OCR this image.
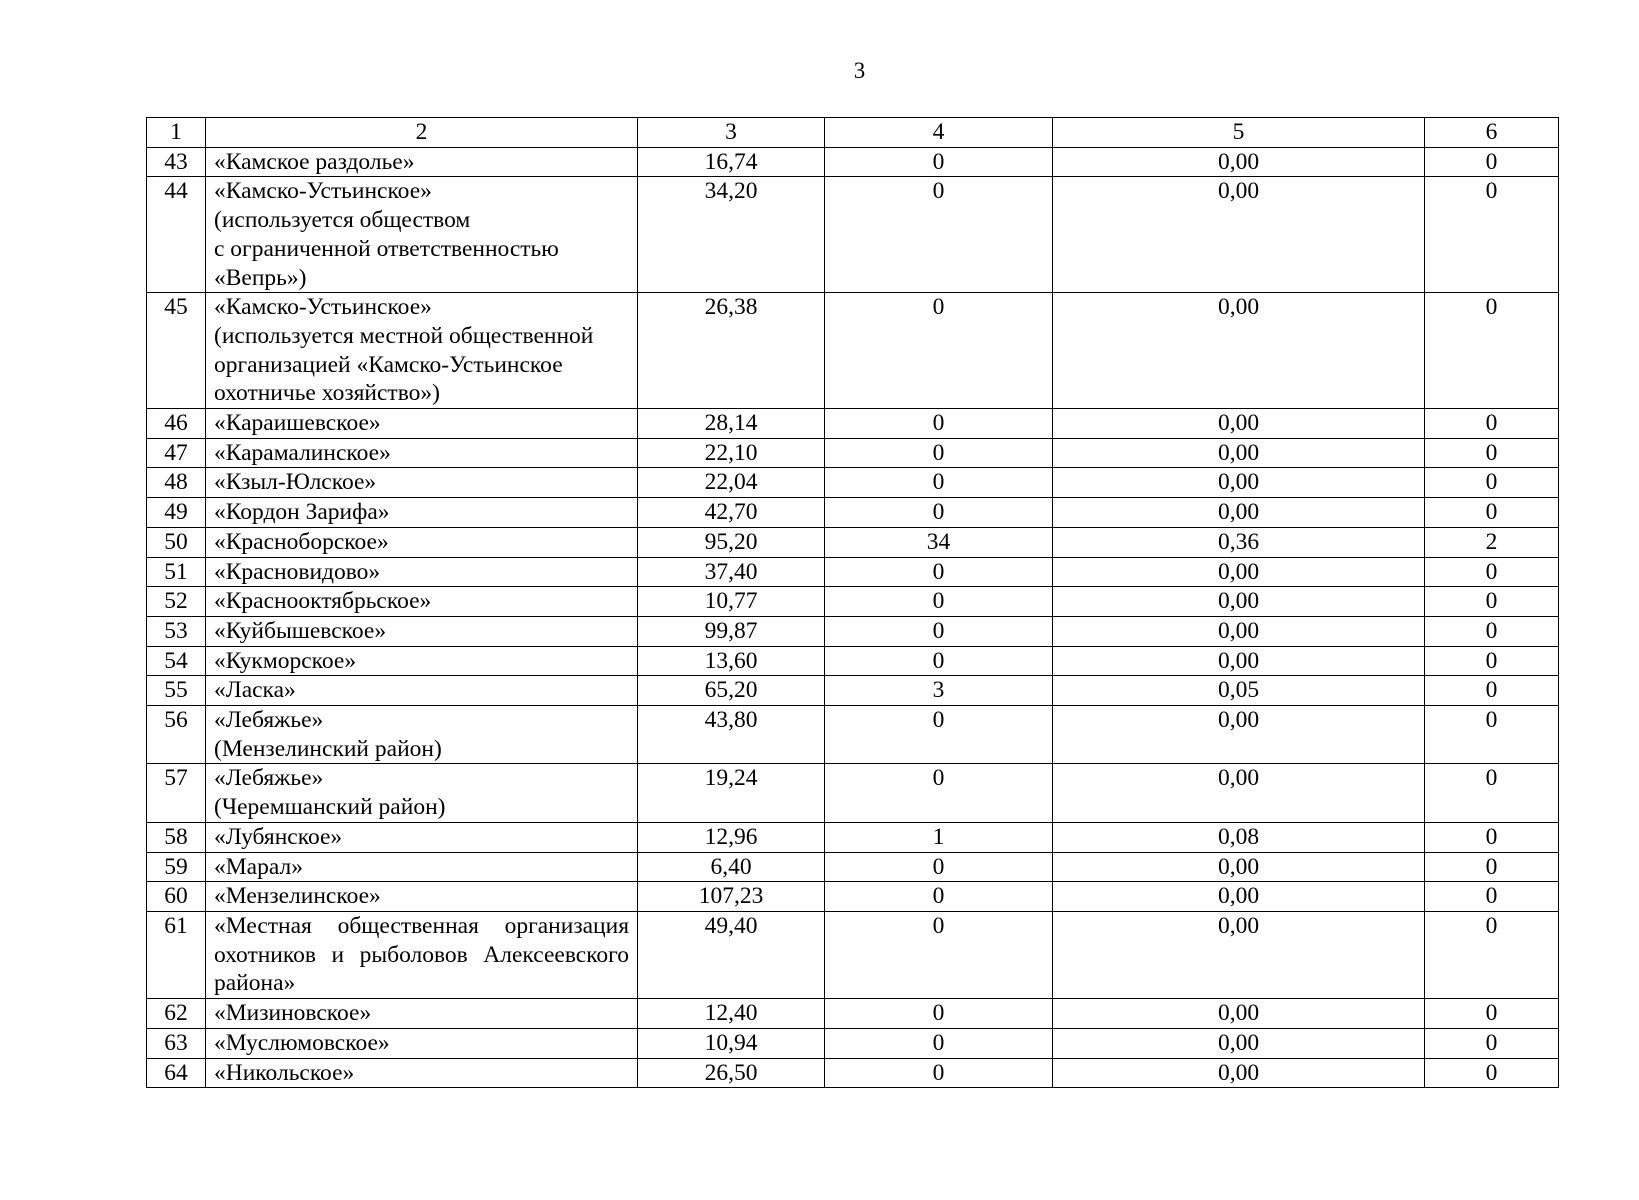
3
1	2	3	4	5	6
43	«Камское раздолье»	16,74	0	0,00	0
44	«Камско-Устьинское»
(используется обществом
с ограниченной ответственностью
«Вепрь»)	34,20	0	0,00	0
45	«Камско-Устьинское»
(используется местной общественной
организацией «Камско-Устьинское
охотничье хозяйство»)	26,38	0	0,00	0
46	«Караишевское»	28,14	0	0,00	0
47	«Карамалинское»	22,10	0	0,00	0
48	«Кзыл-Юлское»	22,04	0	0,00	0
49	«Кордон Зарифа»	42,70	0	0,00	0
50	«Красноборское»	95,20	34	0,36	2
51	«Красновидово»	37,40	0	0,00	0
52	«Краснооктябрьское»	10,77	0	0,00	0
53	«Куйбышевское»	99,87	0	0,00	0
54	«Кукморское»	13,60	0	0,00	0
55	«Ласка»	65,20	3	0,05	0
56	«Лебяжье»
(Мензелинский район)	43,80	0	0,00	0
57	«Лебяжье»
(Черемшанский район)	19,24	0	0,00	0
58	«Лубянское»	12,96	1	0,08	0
59	«Марал»	6,40	0	0,00	0
60	«Мензелинское»	107,23	0	0,00	0
61	«Местная общественная организация охотников и рыболовов Алексеевского района»	49,40	0	0,00	0
62	«Мизиновское»	12,40	0	0,00	0
63	«Муслюмовское»	10,94	0	0,00	0
64	«Никольское»	26,50	0	0,00	0
